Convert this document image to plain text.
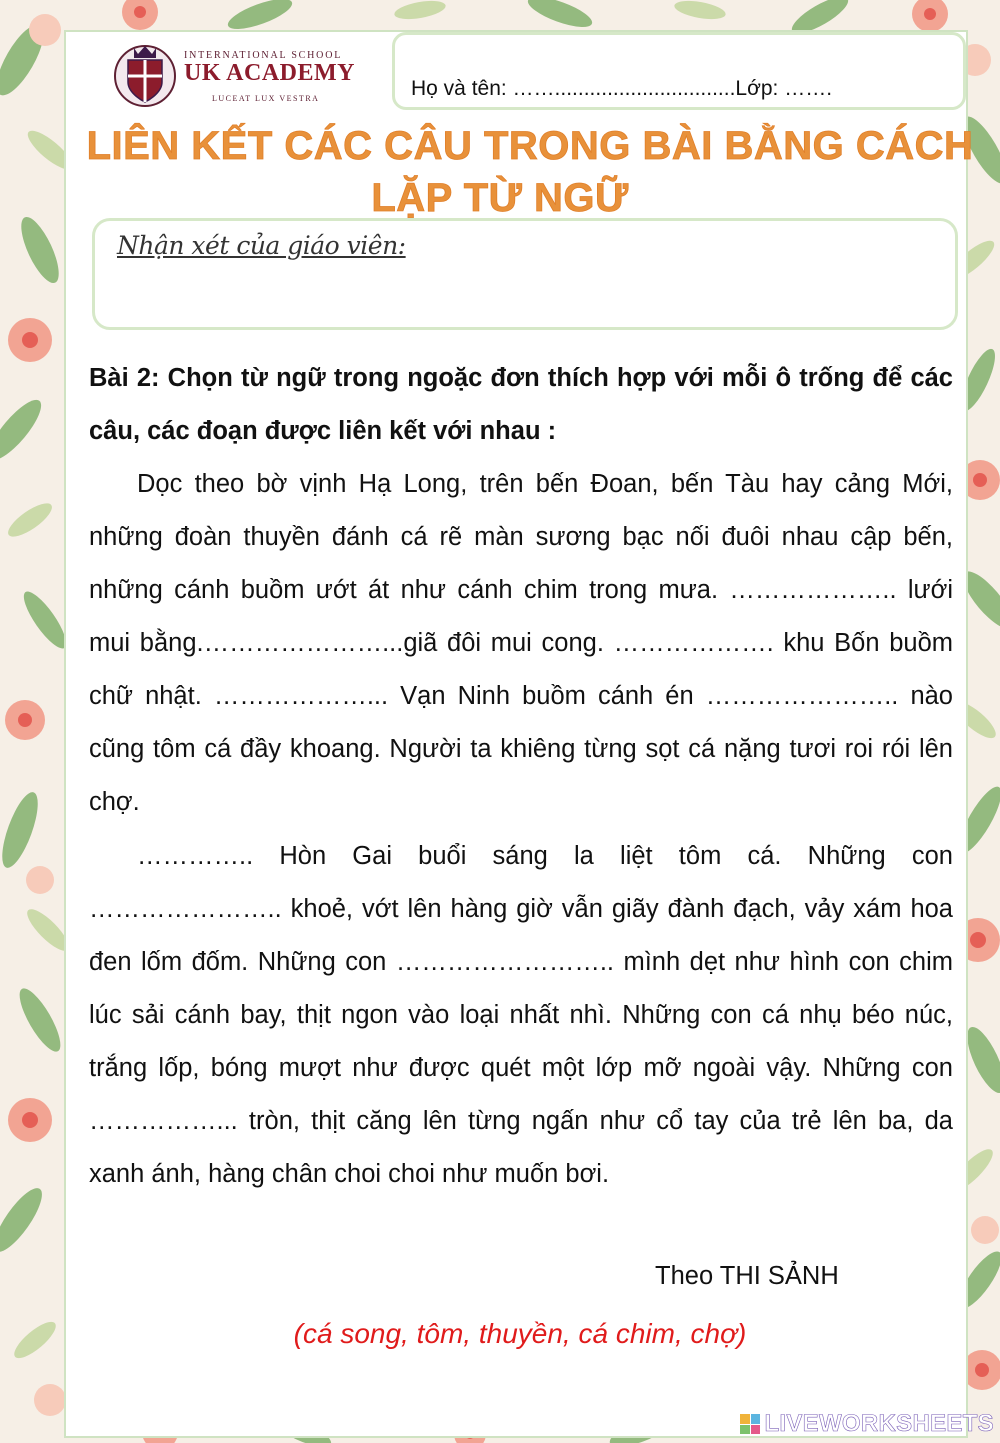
INTERNATIONAL SCHOOL
UK ACADEMY
LUCEAT LUX VESTRA	Họ và tên: ……...............................Lớp: …….
LIÊN KẾT CÁC CÂU TRONG BÀI BẰNG CÁCH
LẶP TỪ NGỮ
Nhận xét của giáo viên:
Bài 2: Chọn từ ngữ trong ngoặc đơn thích hợp với mỗi ô trống để các câu, các đoạn được liên kết với nhau :
Dọc theo bờ vịnh Hạ Long, trên bến Đoan, bến Tàu hay cảng Mới, những đoàn thuyền đánh cá rẽ màn sương bạc nối đuôi nhau cập bến, những cánh buồm ướt át như cánh chim trong mưa. ……………….. lưới mui bằng.…………………...giã đôi mui cong. ………………. khu Bốn buồm chữ nhật. ………………... Vạn Ninh buồm cánh én ………………….. nào cũng tôm cá đầy khoang. Người ta khiêng từng sọt cá nặng tươi roi rói lên chợ.
………….. Hòn Gai buổi sáng la liệt tôm cá. Những con ………………….. khoẻ, vớt lên hàng giờ vẫn giãy đành đạch, vảy xám hoa đen lốm đốm. Những con …………………….. mình dẹt như hình con chim lúc sải cánh bay, thịt ngon vào loại nhất nhì. Những con cá nhụ béo núc, trắng lốp, bóng mượt như được quét một lớp mỡ ngoài vậy. Những con ……………... tròn, thịt căng lên từng ngấn như cổ tay của trẻ lên ba, da xanh ánh, hàng chân choi choi như muốn bơi.
Theo THI SẢNH
(cá song, tôm, thuyền, cá chim, chợ)
LIVEWORKSHEETS
